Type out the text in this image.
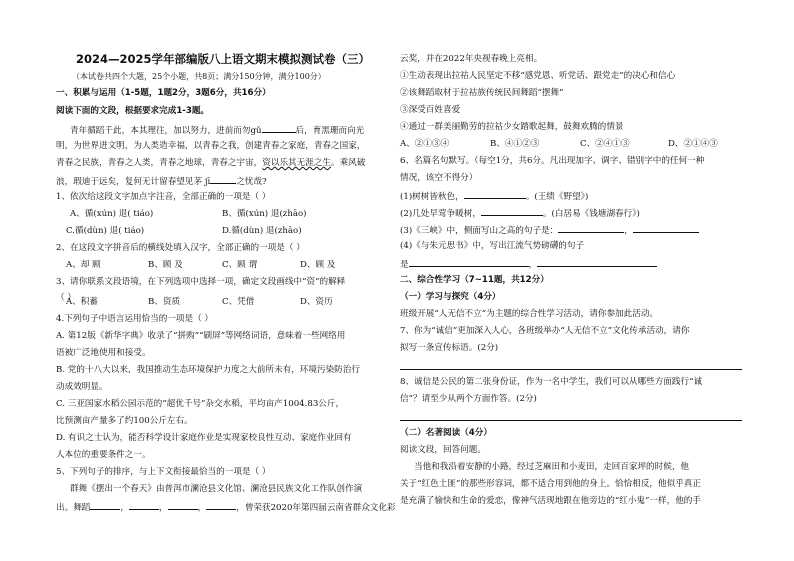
2024—2025学年部编版八上语文期末模拟测试卷（三）
（本试卷共四个大题，25个小题，共8页；满分150分钟，满分100分）
一、积累与运用（1-5题，1题2分，3题6分，共16分）
阅读下面的文段，根据要求完成1-3题。
青年循蹈千此，本其理往，加以努力，进前而勿gǔ	后，育黑珊而向光
明，为世界进文明，为人类造幸福，以青春之我，创建青春之家庭，青春之国家，
青春之民族，青春之人类，青春之地球，青春之宇宙，资以乐其无涯之生。乘风破
浪，瑕迪于远矣，复何无计留春望见茅 jī	之忧哉?
1、依次给这段文字加点字注音，全部正确的一项是（ ）
A、循(xún) 退( tiáo)	B、循(xún) 退(zhāo)
C.循(dùn) 退( tiáo)	D.循(dùn) 退(zhāo)
2、在这段文字拼音后的横线处填入汉字，全部正确的一项是（ ）
A、却 顾	B、顾 及	C、顾 谓	D、顾 及
3、请你联系文段语境，在下列选项中选择一项，确定文段画线中“资”的解释
（ ）
A、积蓄	B、资质	C、凭借	D、资历
4.下列句子中语言运用恰当的一项是（ ）
A. 第12版《新华字典》收录了“拼购”“刷屏”等网络词语，意味着一些网络用
语被广泛地使用和接受。
B. 党的十八大以来，我国推动生态环境保护力度之大前所未有，环境污染防治行
动成效明显。
C. 三亚国家水稻公园示范的“超优千号”杂交水稻，平均亩产1004.83公斤，
比预测亩产量多了约100公斤左右。
D. 有识之士认为，能否科学设计家庭作业是实现家校良性互动、家庭作业回有
人本位的重要条件之一。
5、下列句子的排序，与上下文衔接最恰当的一项是（ ）
群舞《摆出一个春天》由普洱市澜沧县文化馆、澜沧县民族文化工作队创作演
出。舞蹈	，	，	，	，曾荣获2020年第四届云南省群众文化彩
云奖，并在2022年央视春晚上亮相。
①生动表现出拉祜人民坚定不移“感党恩、听党话、跟党走”的决心和信心
②该舞蹈取材于拉祜族传统民间舞蹈“摆舞”
③深受百姓喜爱
④通过一群美丽勤劳的拉祜少女踏歌起舞，鼓舞欢腾的情景
A、②①③④	B、④①②③	C、②④①③	D、②①④③
6、名篇名句默写。（每空1分，共6分。凡出现加字、调字、错别字中的任何一种
情况，该空不得分）
(1)树树皆秋色，	。(王绩《野望》)
(2)几处早莺争暖树，	。(白居易《钱塘湖春行》)
(3)《三峡》中，侧面写山之高的句子是：	，
(4)《与朱元思书》中，写出江流气势磅礴的句子
是	，
二、综合性学习（7~11题，共12分）
（一）学习与探究（4分）
班级开展“人无信不立”为主题的综合性学习活动，请你参加此活动。
7、你为“诚信”更加深入人心，各班级举办“人无信不立”文化传承活动，请你
拟写一条宣传标语。(2分)
8、诚信是公民的第二张身份证，作为一名中学生，我们可以从哪些方面践行“诚
信”？请至少从两个方面作答。(2分)
（二）名著阅读（4分）
阅读文段，回答问题。
当他和我沿着安静的小路，经过芝麻田和小麦田，走回百家坪的时候，他
关于“红色土匪”的那些形容词，都不适合用到他的身上。恰恰相反，他似乎真正
是充满了愉快和生命的爱恋，像神气活现地跟在他旁边的“红小鬼”一样，他的手
